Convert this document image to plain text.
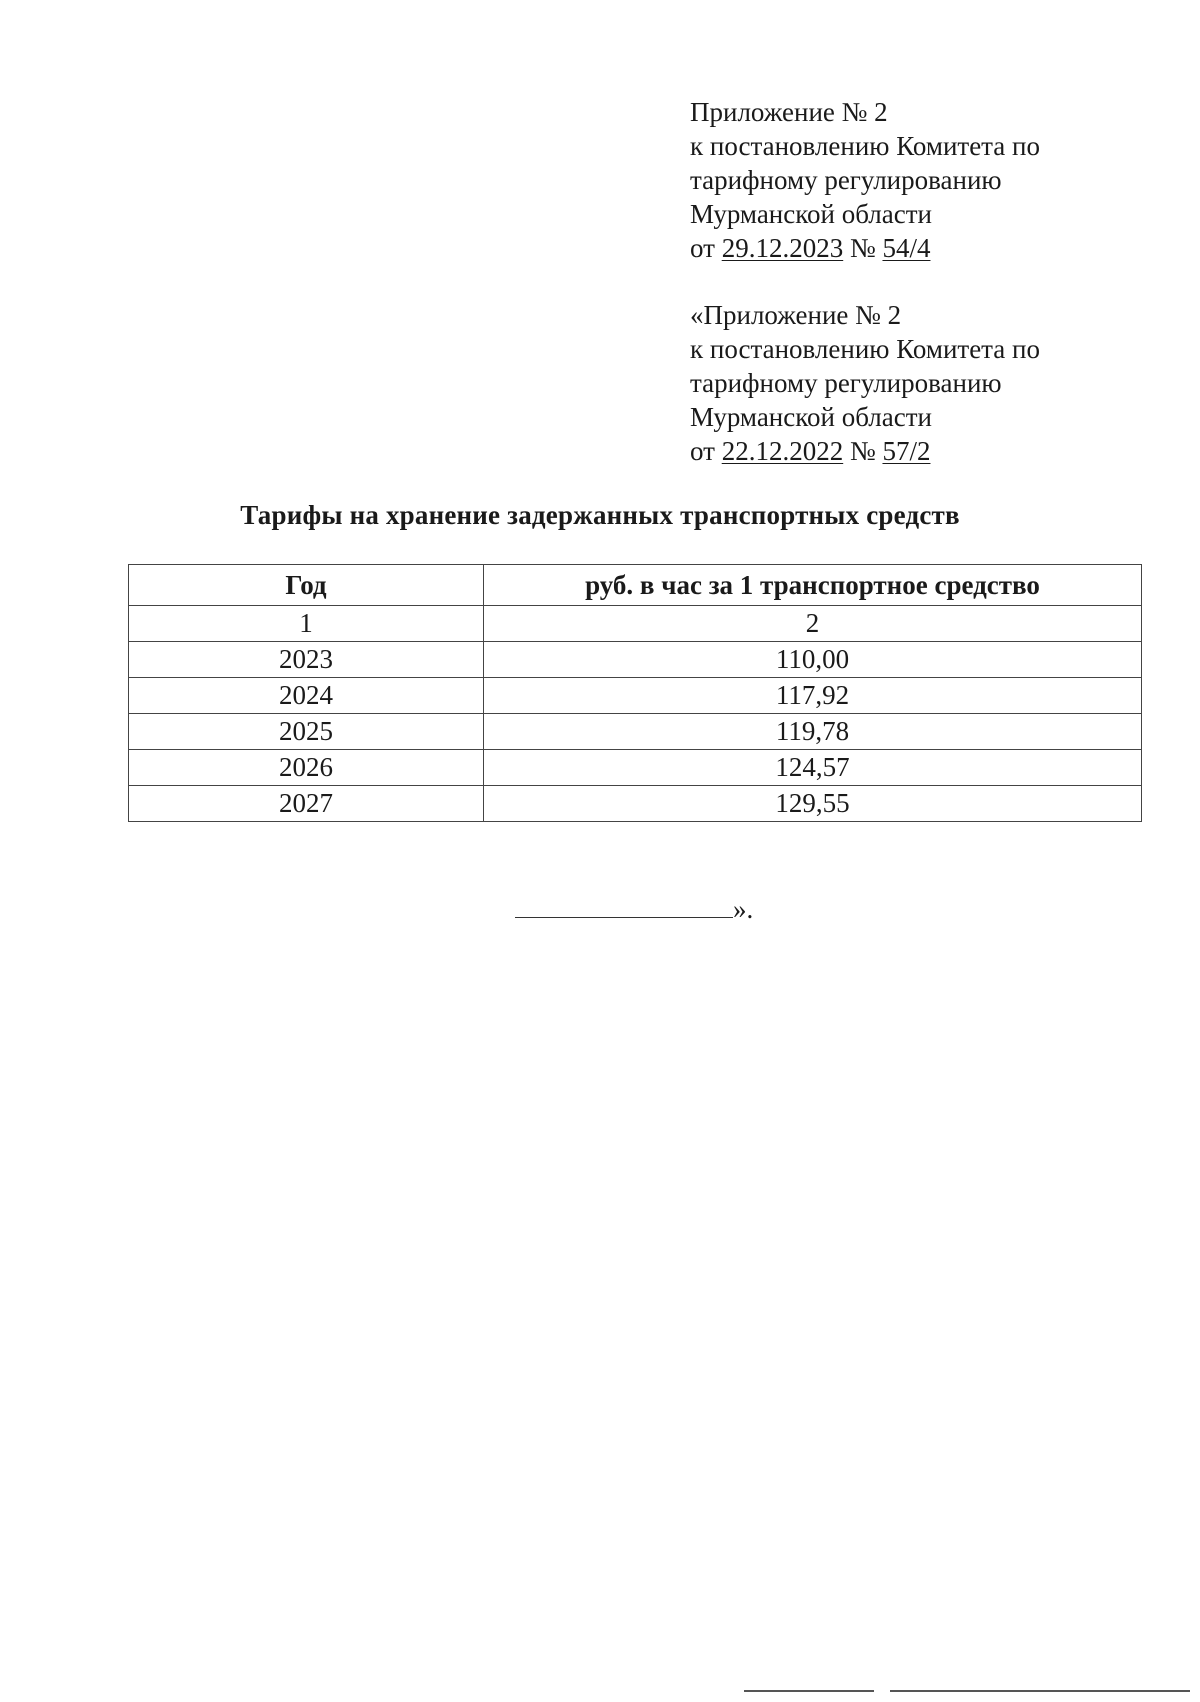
Приложение № 2
к постановлению Комитета по
тарифному регулированию
Мурманской области
от 29.12.2023 № 54/4
«Приложение № 2
к постановлению Комитета по
тарифному регулированию
Мурманской области
от 22.12.2022 № 57/2
Тарифы на хранение задержанных транспортных средств
Год	руб. в час за 1 транспортное средство
1	2
2023	110,00
2024	117,92
2025	119,78
2026	124,57
2027	129,55
».
